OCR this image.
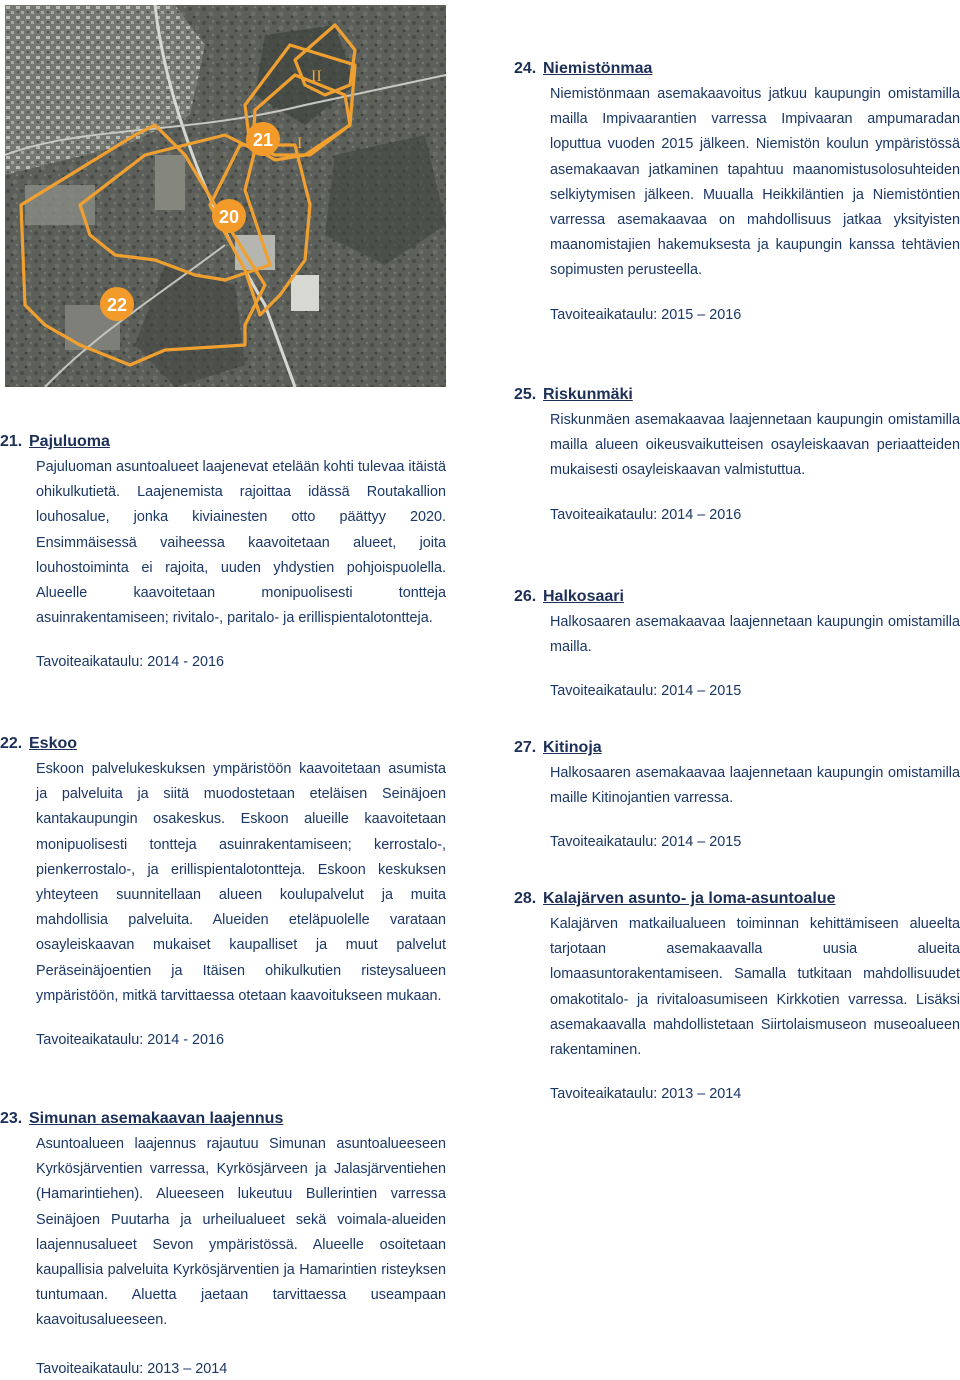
20
21
22
I
II	24. Niemistönmaa
Niemistönmaan asemakaavoitus jatkuu kaupungin omistamilla mailla Impivaarantien varressa Impivaaran ampumaradan loputtua vuoden 2015 jälkeen. Niemistön koulun ympäristössä asemakaavan jatkaminen tapahtuu maanomistusolosuhteiden selkiytymisen jälkeen. Muualla Heikkiläntien ja Niemistöntien varressa asemakaavaa on mahdollisuus jatkaa yksityisten maanomistajien hakemuksesta ja kaupungin kanssa tehtävien sopimusten perusteella.
Tavoiteaikataulu: 2015 – 2016
25. Riskunmäki
Riskunmäen asemakaavaa laajennetaan kaupungin omistamilla mailla alueen oikeusvaikutteisen osayleiskaavan periaatteiden mukaisesti osayleiskaavan valmistuttua.
Tavoiteaikataulu: 2014 – 2016
26. Halkosaari
Halkosaaren asemakaavaa laajennetaan kaupungin omistamilla mailla.
Tavoiteaikataulu: 2014 – 2015
27. Kitinoja
Halkosaaren asemakaavaa laajennetaan kaupungin omistamilla maille Kitinojantien varressa.
Tavoiteaikataulu: 2014 – 2015
28. Kalajärven asunto- ja loma-asuntoalue
Kalajärven matkailualueen toiminnan kehittämiseen alueelta tarjotaan asemakaavalla uusia alueita lomaasuntorakentamiseen. Samalla tutkitaan mahdollisuudet omakotitalo- ja rivitaloasumiseen Kirkkotien varressa. Lisäksi asemakaavalla mahdollistetaan Siirtolaismuseon museoalueen rakentaminen.
Tavoiteaikataulu: 2013 – 2014
21. Pajuluoma
Pajuluoman asuntoalueet laajenevat etelään kohti tulevaa itäistä ohikulkutietä. Laajenemista rajoittaa idässä Routakallion louhosalue, jonka kiviainesten otto päättyy 2020. Ensimmäisessä vaiheessa kaavoitetaan alueet, joita louhostoiminta ei rajoita, uuden yhdystien pohjoispuolella. Alueelle kaavoitetaan monipuolisesti tontteja asuinrakentamiseen; rivitalo-, paritalo- ja erillispientalotontteja.
Tavoiteaikataulu: 2014 - 2016
22. Eskoo
Eskoon palvelukeskuksen ympäristöön kaavoitetaan asumista ja palveluita ja siitä muodostetaan eteläisen Seinäjoen kantakaupungin osakeskus. Eskoon alueille kaavoitetaan monipuolisesti tontteja asuinrakentamiseen; kerrostalo-, pienkerrostalo-, ja erillispientalotontteja. Eskoon keskuksen yhteyteen suunnitellaan alueen koulupalvelut ja muita mahdollisia palveluita. Alueiden eteläpuolelle varataan osayleiskaavan mukaiset kaupalliset ja muut palvelut Peräseinäjoentien ja Itäisen ohikulkutien risteysalueen ympäristöön, mitkä tarvittaessa otetaan kaavoitukseen mukaan.
Tavoiteaikataulu: 2014 - 2016
23. Simunan asemakaavan laajennus
Asuntoalueen laajennus rajautuu Simunan asuntoalueeseen Kyrkösjärventien varressa, Kyrkösjärveen ja Jalasjärventiehen (Hamarintiehen). Alueeseen lukeutuu Bullerintien varressa Seinäjoen Puutarha ja urheilualueet sekä voimala-alueiden laajennusalueet Sevon ympäristössä. Alueelle osoitetaan kaupallisia palveluita Kyrkösjärventien ja Hamarintien risteyksen tuntumaan. Aluetta jaetaan tarvittaessa useampaan kaavoitusalueeseen.
Tavoiteaikataulu: 2013 – 2014
